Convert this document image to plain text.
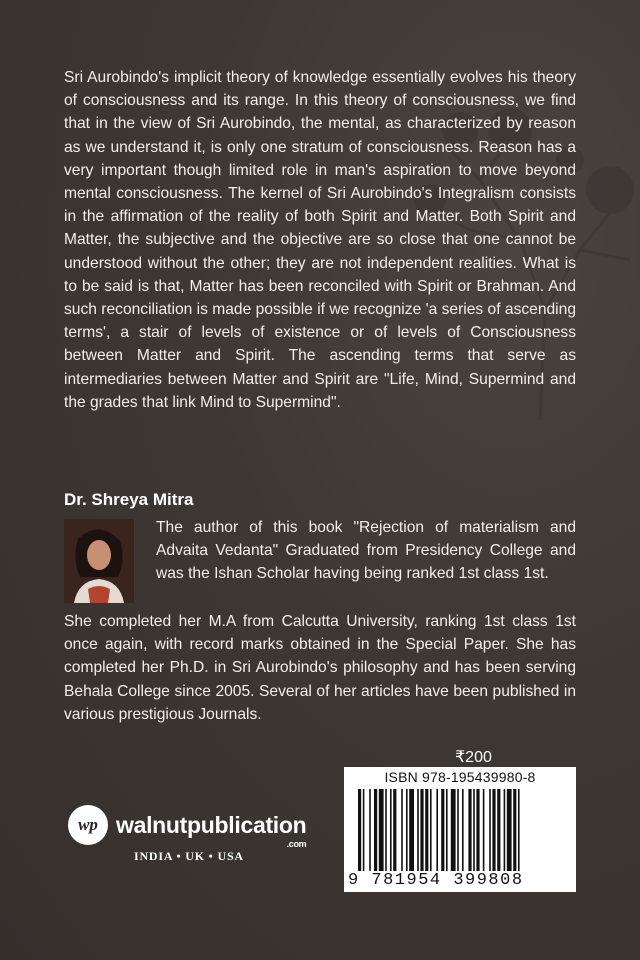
Sri Aurobindo's implicit theory of knowledge essentially evolves his theory of consciousness and its range. In this theory of consciousness, we find that in the view of Sri Aurobindo, the mental, as characterized by reason as we understand it, is only one stratum of consciousness. Reason has a very important though limited role in man's aspiration to move beyond mental consciousness. The kernel of Sri Aurobindo's Integralism consists in the affirmation of the reality of both Spirit and Matter. Both Spirit and Matter, the subjective and the objective are so close that one cannot be understood without the other; they are not independent realities. What is to be said is that, Matter has been reconciled with Spirit or Brahman. And such reconciliation is made possible if we recognize 'a series of ascending terms', a stair of levels of existence or of levels of Consciousness between Matter and Spirit. The ascending terms that serve as intermediaries between Matter and Spirit are "Life, Mind, Supermind and the grades that link Mind to Supermind".

Dr. Shreya Mitra

The author of this book "Rejection of materialism and Advaita Vedanta" Graduated from Presidency College and was the Ishan Scholar having being ranked 1st class 1st.

She completed her M.A from Calcutta University, ranking 1st class 1st once again, with record marks obtained in the Special Paper. She has completed her Ph.D. in Sri Aurobindo's philosophy and has been serving Behala College since 2005. Several of her articles have been published in various prestigious Journals.

wp walnutpublication
.com
INDIA • UK • USA

₹200

ISBN 978-195439980-8
9 781954 399808
